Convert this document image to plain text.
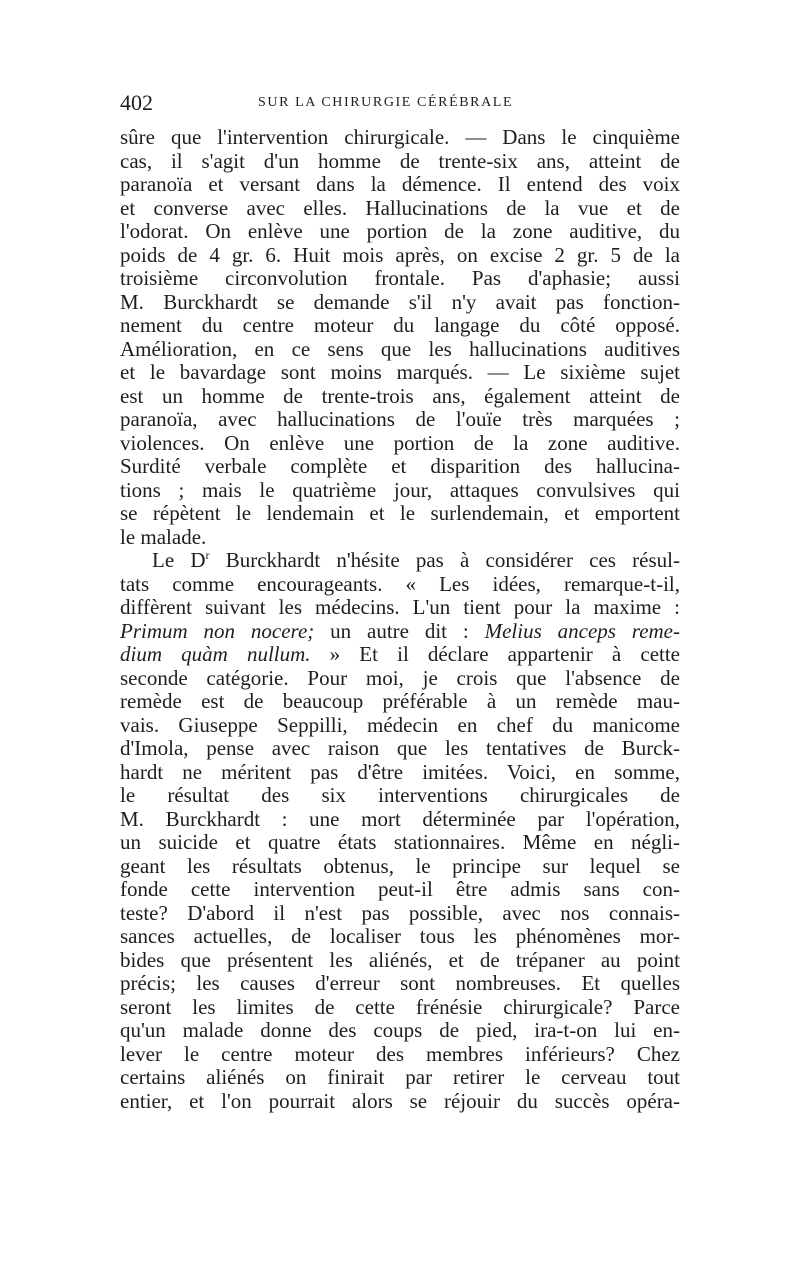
402	SUR LA CHIRURGIE CÉRÉBRALE
sûre que l'intervention chirurgicale. — Dans le cinquième
cas, il s'agit d'un homme de trente-six ans, atteint de
paranoïa et versant dans la démence. Il entend des voix
et converse avec elles. Hallucinations de la vue et de
l'odorat. On enlève une portion de la zone auditive, du
poids de 4 gr. 6. Huit mois après, on excise 2 gr. 5 de la
troisième circonvolution frontale. Pas d'aphasie; aussi
M. Burckhardt se demande s'il n'y avait pas fonction-
nement du centre moteur du langage du côté opposé.
Amélioration, en ce sens que les hallucinations auditives
et le bavardage sont moins marqués. — Le sixième sujet
est un homme de trente-trois ans, également atteint de
paranoïa, avec hallucinations de l'ouïe très marquées ;
violences. On enlève une portion de la zone auditive.
Surdité verbale complète et disparition des hallucina-
tions ; mais le quatrième jour, attaques convulsives qui
se répètent le lendemain et le surlendemain, et emportent
le malade.
Le $D^r$ Burckhardt n'hésite pas à considérer ces résul-
tats comme encourageants. « Les idées, remarque-t-il,
diffèrent suivant les médecins. L'un tient pour la maxime :
Primum non nocere; un autre dit : Melius anceps reme-
dium quàm nullum. » Et il déclare appartenir à cette
seconde catégorie. Pour moi, je crois que l'absence de
remède est de beaucoup préférable à un remède mau-
vais. Giuseppe Seppilli, médecin en chef du manicome
d'Imola, pense avec raison que les tentatives de Burck-
hardt ne méritent pas d'être imitées. Voici, en somme,
le résultat des six interventions chirurgicales de
M. Burckhardt : une mort déterminée par l'opération,
un suicide et quatre états stationnaires. Même en négli-
geant les résultats obtenus, le principe sur lequel se
fonde cette intervention peut-il être admis sans con-
teste? D'abord il n'est pas possible, avec nos connais-
sances actuelles, de localiser tous les phénomènes mor-
bides que présentent les aliénés, et de trépaner au point
précis; les causes d'erreur sont nombreuses. Et quelles
seront les limites de cette frénésie chirurgicale? Parce
qu'un malade donne des coups de pied, ira-t-on lui en-
lever le centre moteur des membres inférieurs? Chez
certains aliénés on finirait par retirer le cerveau tout
entier, et l'on pourrait alors se réjouir du succès opéra-
